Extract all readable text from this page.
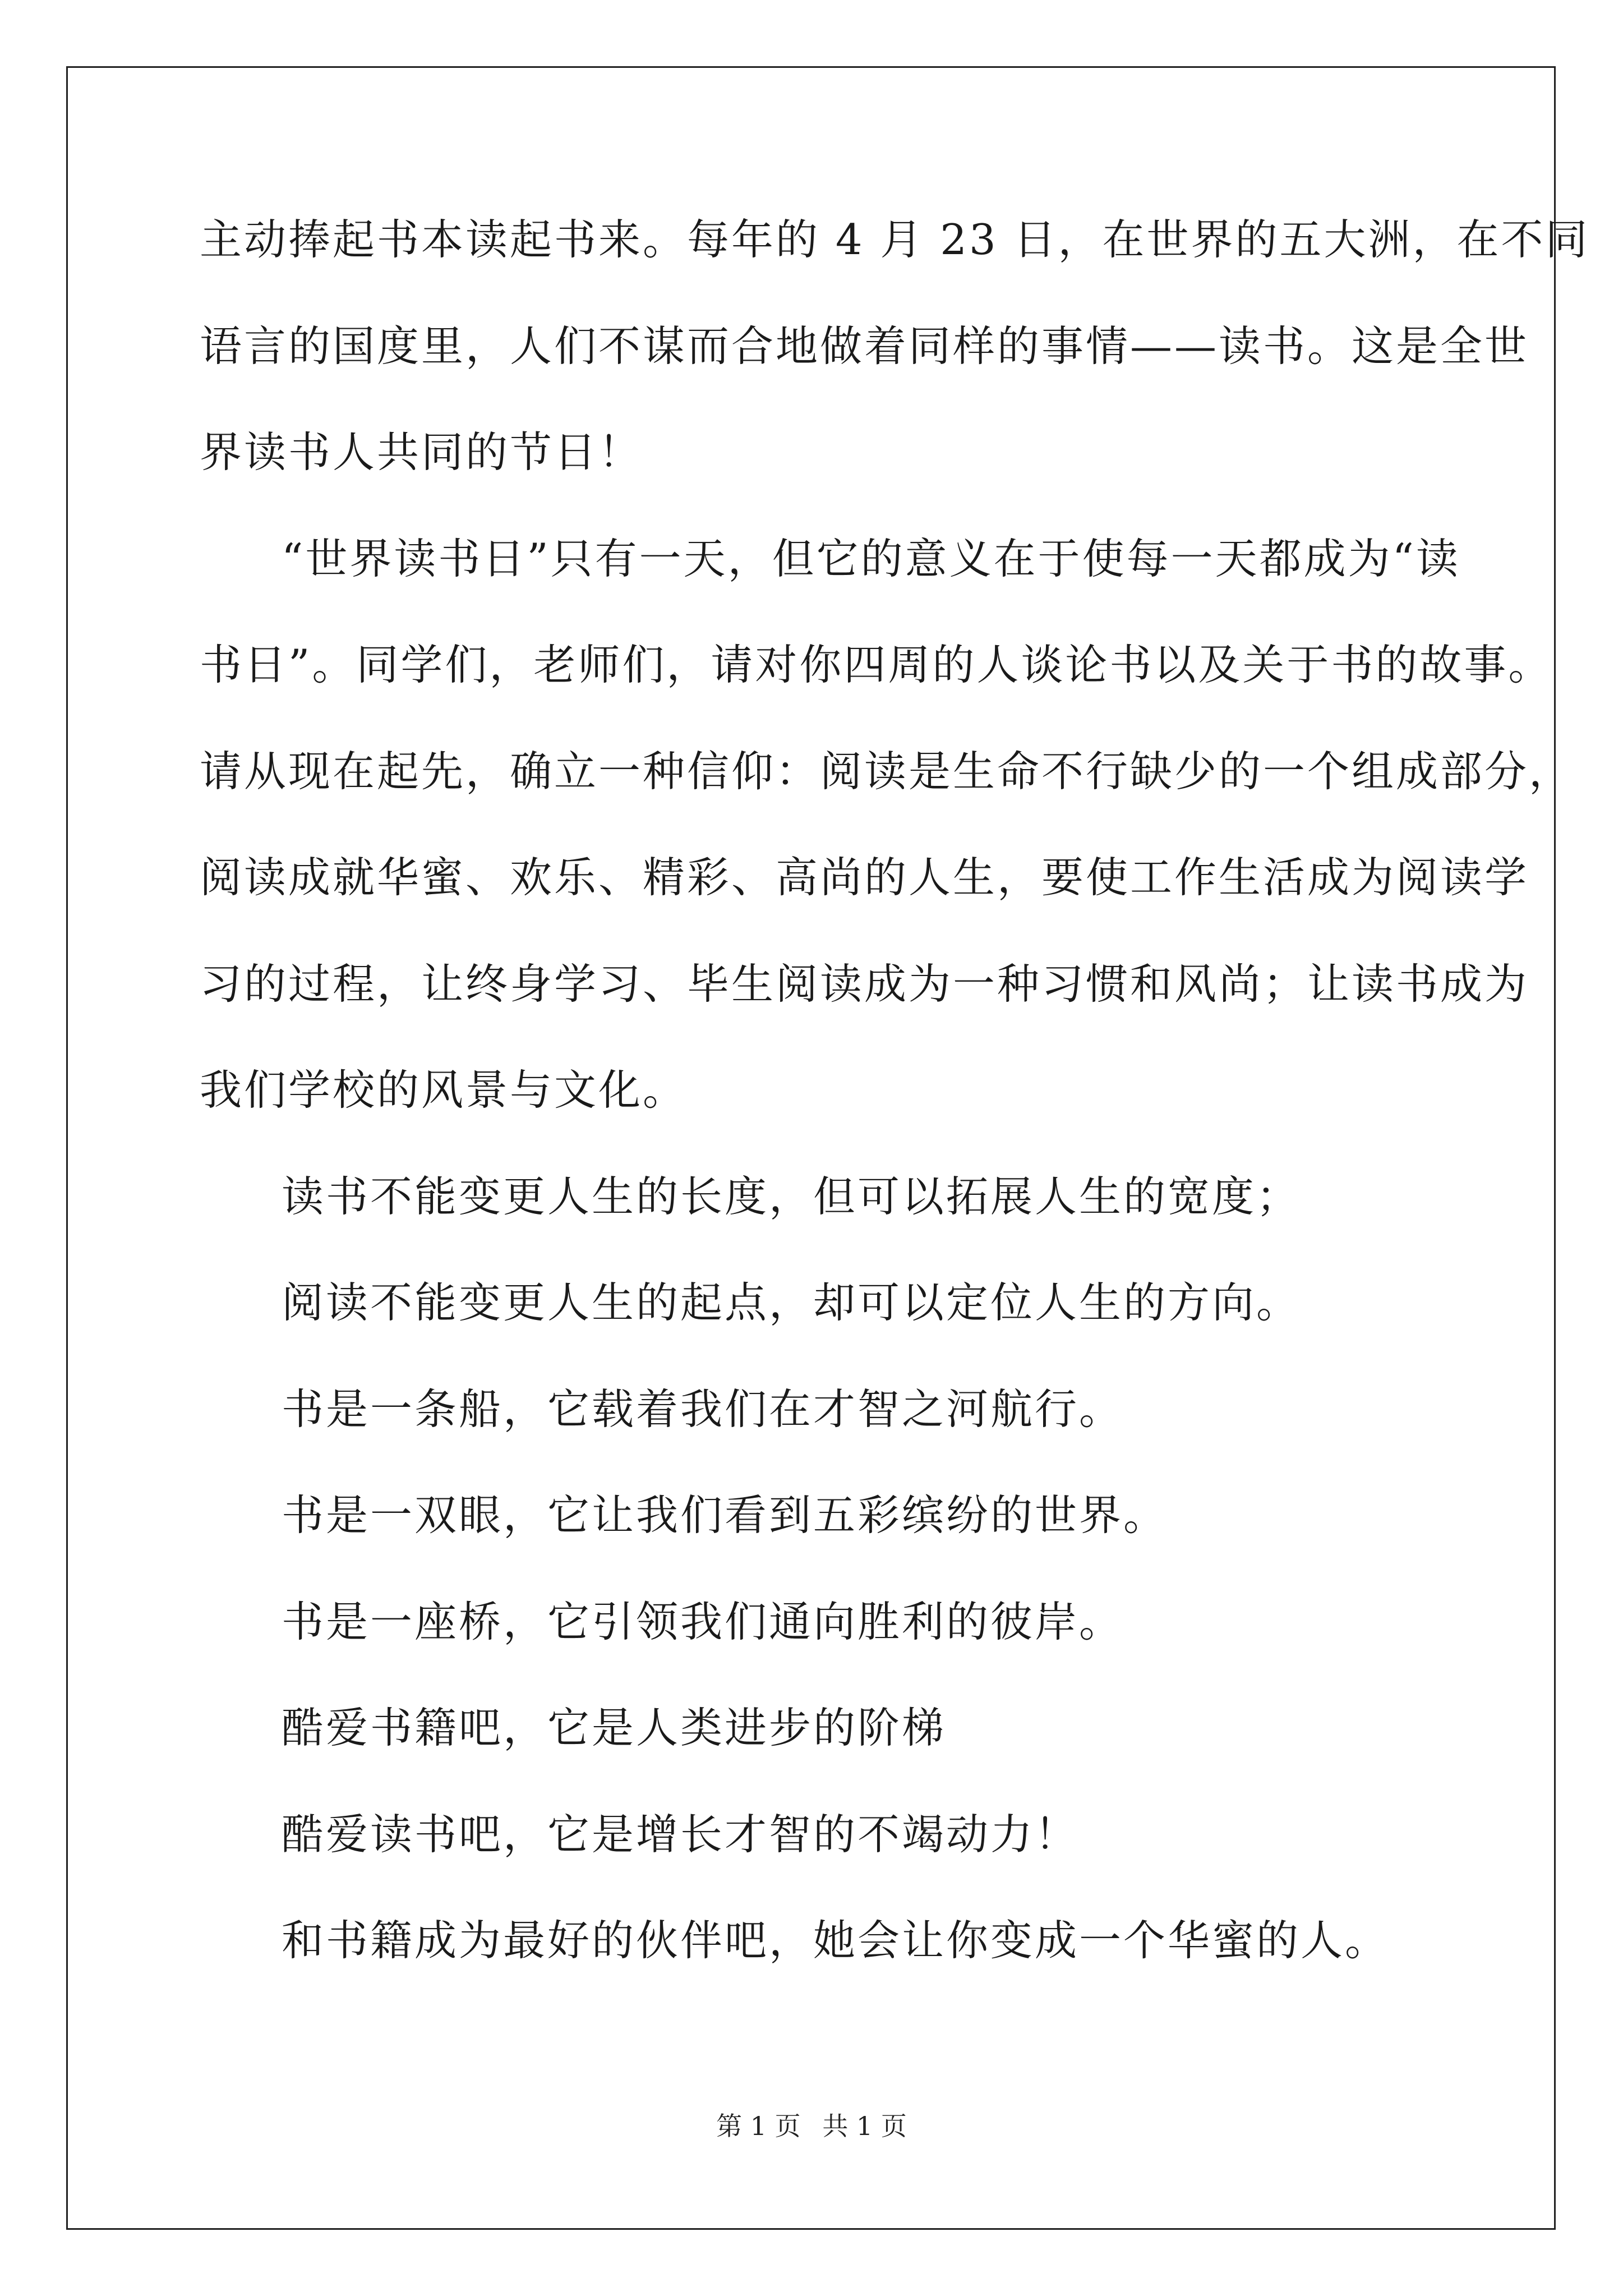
主动捧起书本读起书来。每年的 4 月 23 日，在世界的五大洲，在不同
语言的国度里，人们不谋而合地做着同样的事情——读书。这是全世
界读书人共同的节日！
“世界读书日”只有一天，但它的意义在于使每一天都成为“读
书日”。同学们，老师们，请对你四周的人谈论书以及关于书的故事。
请从现在起先，确立一种信仰：阅读是生命不行缺少的一个组成部分，
阅读成就华蜜、欢乐、精彩、高尚的人生，要使工作生活成为阅读学
习的过程，让终身学习、毕生阅读成为一种习惯和风尚；让读书成为
我们学校的风景与文化。
读书不能变更人生的长度，但可以拓展人生的宽度；
阅读不能变更人生的起点，却可以定位人生的方向。
书是一条船，它载着我们在才智之河航行。
书是一双眼，它让我们看到五彩缤纷的世界。
书是一座桥，它引领我们通向胜利的彼岸。
酷爱书籍吧，它是人类进步的阶梯
酷爱读书吧，它是增长才智的不竭动力！
和书籍成为最好的伙伴吧，她会让你变成一个华蜜的人。
第 1 页 共 1 页
